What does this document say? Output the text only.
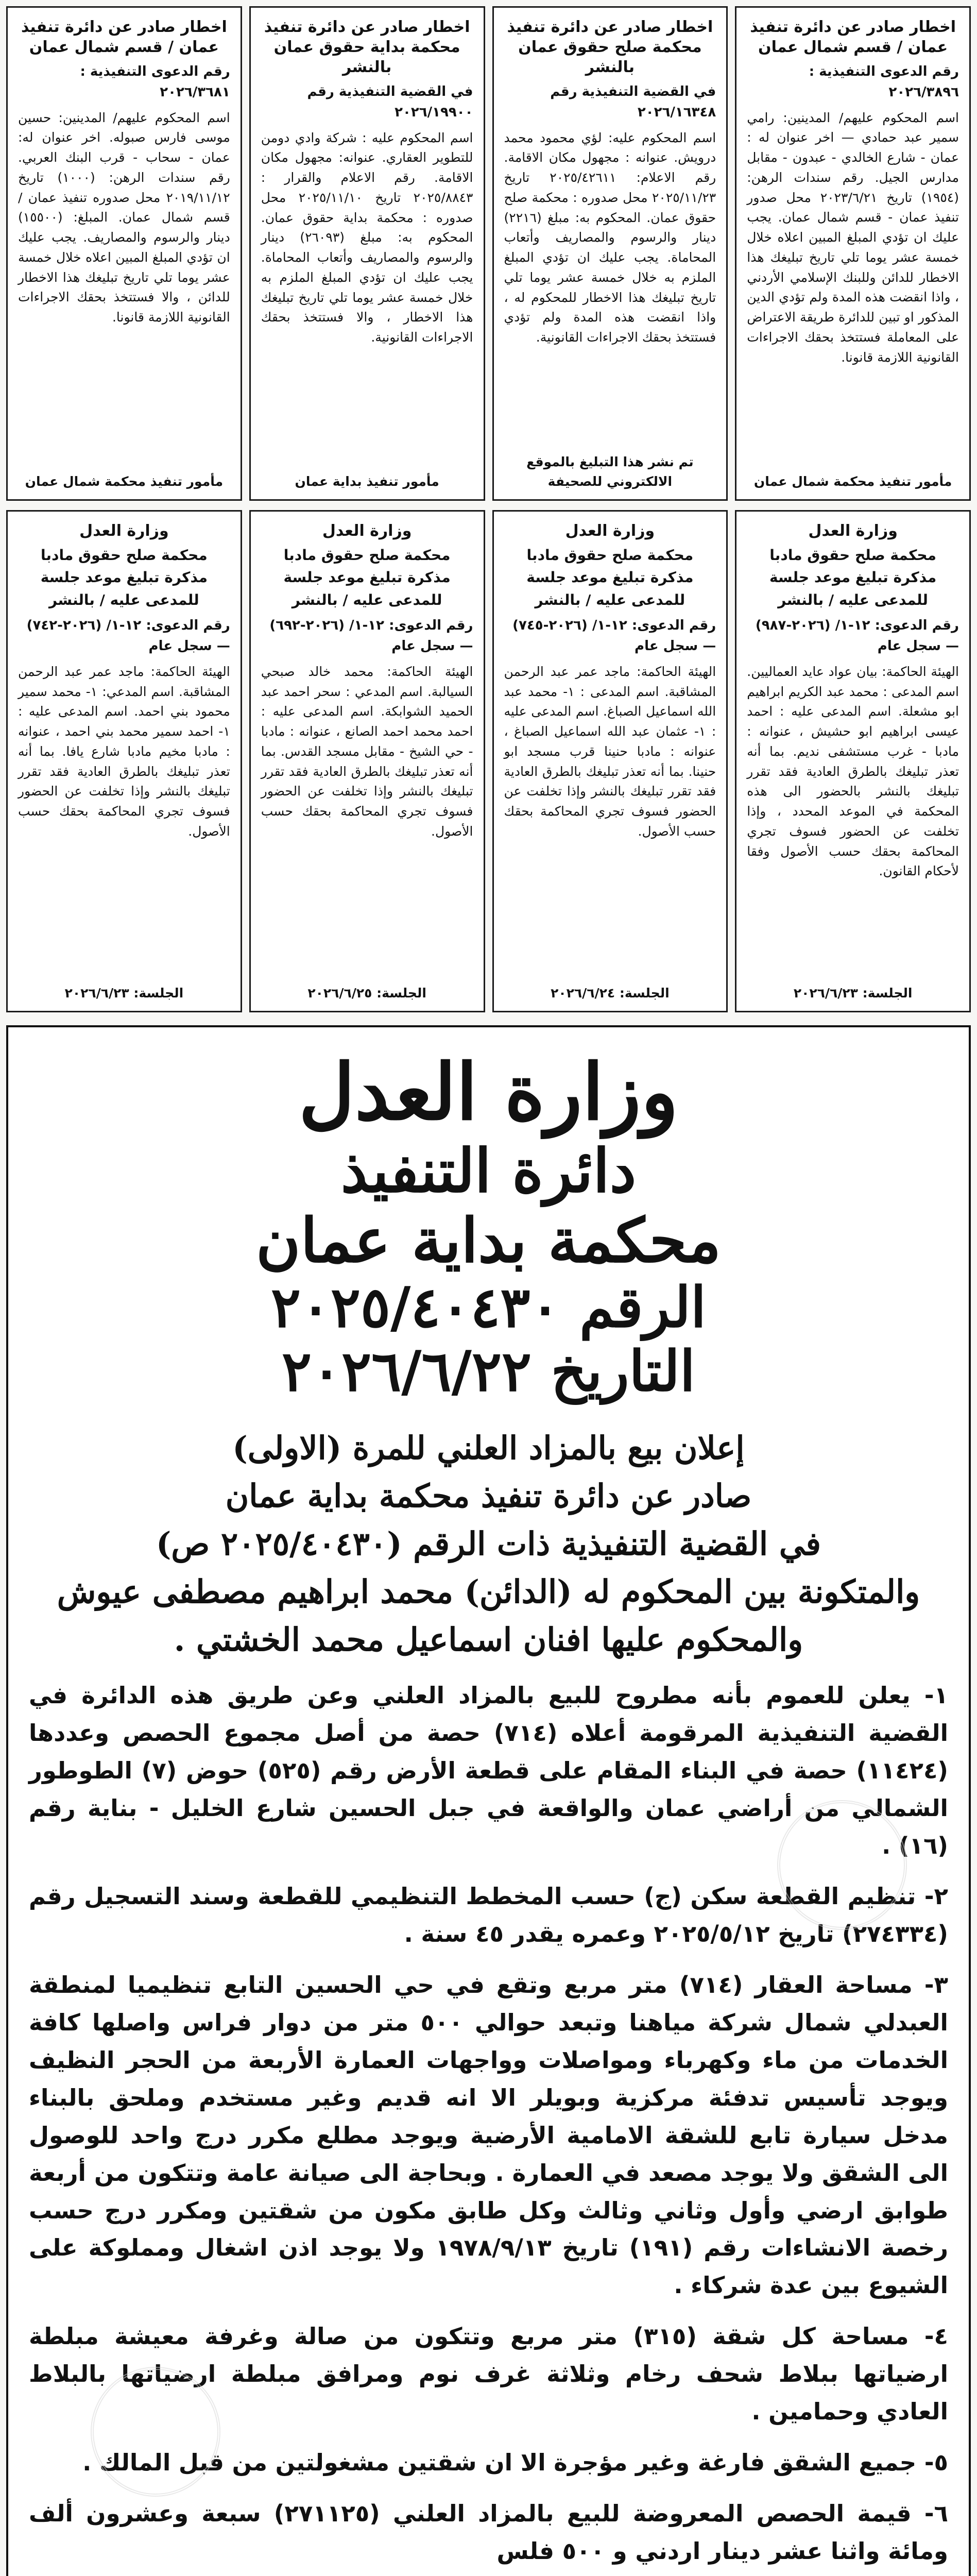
اخطار صادر عن دائرة تنفيذ عمان / قسم شمال عمان
رقم الدعوى التنفيذية : ٢٠٢٦/٣٨٩٦
اسم المحكوم عليهم/ المدينين: رامي سمير عبد حمادي — اخر عنوان له : عمان - شارع الخالدي - عبدون - مقابل مدارس الجيل. رقم سندات الرهن: (١٩٥٤) تاريخ ٢٠٢٣/٦/٢١ محل صدور تنفيذ عمان - قسم شمال عمان. يجب عليك ان تؤدي المبلغ المبين اعلاه خلال خمسة عشر يوما تلي تاريخ تبليغك هذا الاخطار للدائن وللبنك الإسلامي الأردني ، واذا انقضت هذه المدة ولم تؤدي الدين المذكور او تبين للدائرة طريقة الاعتراض على المعاملة فستتخذ بحقك الاجراءات القانونية اللازمة قانونا.
مأمور تنفيذ محكمة شمال عمان
اخطار صادر عن دائرة تنفيذ محكمة صلح حقوق عمان بالنشر
في القضية التنفيذية رقم ٢٠٢٦/١٦٣٤٨
اسم المحكوم عليه: لؤي محمود محمد درويش. عنوانه : مجهول مكان الاقامة. رقم الاعلام: ٢٠٢٥/٤٢٦١١ تاريخ ٢٠٢٥/١١/٢٣ محل صدوره : محكمة صلح حقوق عمان. المحكوم به: مبلغ (٢٢١٦) دينار والرسوم والمصاريف وأتعاب المحاماة. يجب عليك ان تؤدي المبلغ الملزم به خلال خمسة عشر يوما تلي تاريخ تبليغك هذا الاخطار للمحكوم له ، واذا انقضت هذه المدة ولم تؤدي فستتخذ بحقك الاجراءات القانونية.
تم نشر هذا التبليغ بالموقع الالكتروني للصحيفة
اخطار صادر عن دائرة تنفيذ محكمة بداية حقوق عمان بالنشر
في القضية التنفيذية رقم ٢٠٢٦/١٩٩٠٠
اسم المحكوم عليه : شركة وادي دومن للتطوير العقاري. عنوانه: مجهول مكان الاقامة. رقم الاعلام والقرار : ٢٠٢٥/٨٨٤٣ تاريخ ٢٠٢٥/١١/١٠ محل صدوره : محكمة بداية حقوق عمان. المحكوم به: مبلغ (٢٦٠٩٣) دينار والرسوم والمصاريف وأتعاب المحاماة. يجب عليك ان تؤدي المبلغ الملزم به خلال خمسة عشر يوما تلي تاريخ تبليغك هذا الاخطار ، والا فستتخذ بحقك الاجراءات القانونية.
مأمور تنفيذ بداية عمان
اخطار صادر عن دائرة تنفيذ عمان / قسم شمال عمان
رقم الدعوى التنفيذية : ٢٠٢٦/٣٦٨١
اسم المحكوم عليهم/ المدينين: حسين موسى فارس صبوله. اخر عنوان له: عمان - سحاب - قرب البنك العربي. رقم سندات الرهن: (١٠٠٠) تاريخ ٢٠١٩/١١/١٢ محل صدوره تنفيذ عمان / قسم شمال عمان. المبلغ: (١٥٥٠٠) دينار والرسوم والمصاريف. يجب عليك ان تؤدي المبلغ المبين اعلاه خلال خمسة عشر يوما تلي تاريخ تبليغك هذا الاخطار للدائن ، والا فستتخذ بحقك الاجراءات القانونية اللازمة قانونا.
مأمور تنفيذ محكمة شمال عمان
وزارة العدل
محكمة صلح حقوق مادبا مذكرة تبليغ موعد جلسة للمدعى عليه / بالنشر
رقم الدعوى: ١٢-١/ (٢٠٢٦-٩٨٧) — سجل عام
الهيئة الحاكمة: بيان عواد عايد العماليين. اسم المدعى : محمد عبد الكريم ابراهيم ابو مشعلة. اسم المدعى عليه : احمد عيسى ابراهيم ابو حشيش ، عنوانه : مادبا - غرب مستشفى نديم. بما أنه تعذر تبليغك بالطرق العادية فقد تقرر تبليغك بالنشر بالحضور الى هذه المحكمة في الموعد المحدد ، وإذا تخلفت عن الحضور فسوف تجري المحاكمة بحقك حسب الأصول وفقا لأحكام القانون.
الجلسة: ٢٠٢٦/٦/٢٣
وزارة العدل
محكمة صلح حقوق مادبا مذكرة تبليغ موعد جلسة للمدعى عليه / بالنشر
رقم الدعوى: ١٢-١/ (٢٠٢٦-٧٤٥) — سجل عام
الهيئة الحاكمة: ماجد عمر عبد الرحمن المشاقبة. اسم المدعى : ١- محمد عبد الله اسماعيل الصباغ. اسم المدعى عليه : ١- عثمان عبد الله اسماعيل الصباغ ، عنوانه : مادبا حنينا قرب مسجد ابو حنينا. بما أنه تعذر تبليغك بالطرق العادية فقد تقرر تبليغك بالنشر وإذا تخلفت عن الحضور فسوف تجري المحاكمة بحقك حسب الأصول.
الجلسة: ٢٠٢٦/٦/٢٤
وزارة العدل
محكمة صلح حقوق مادبا مذكرة تبليغ موعد جلسة للمدعى عليه / بالنشر
رقم الدعوى: ١٢-١/ (٢٠٢٦-٦٩٢) — سجل عام
الهيئة الحاكمة: محمد خالد صبحي السيالبة. اسم المدعي : سحر احمد عبد الحميد الشوابكة. اسم المدعى عليه : احمد محمد احمد الصانع ، عنوانه : مادبا - حي الشيخ - مقابل مسجد القدس. بما أنه تعذر تبليغك بالطرق العادية فقد تقرر تبليغك بالنشر وإذا تخلفت عن الحضور فسوف تجري المحاكمة بحقك حسب الأصول.
الجلسة: ٢٠٢٦/٦/٢٥
وزارة العدل
محكمة صلح حقوق مادبا مذكرة تبليغ موعد جلسة للمدعى عليه / بالنشر
رقم الدعوى: ١٢-١/ (٢٠٢٦-٧٤٢) — سجل عام
الهيئة الحاكمة: ماجد عمر عبد الرحمن المشاقبة. اسم المدعي: ١- محمد سمير محمود بني احمد. اسم المدعى عليه : ١- احمد سمير محمد بني احمد ، عنوانه : مادبا مخيم مادبا شارع يافا. بما أنه تعذر تبليغك بالطرق العادية فقد تقرر تبليغك بالنشر وإذا تخلفت عن الحضور فسوف تجري المحاكمة بحقك حسب الأصول.
الجلسة: ٢٠٢٦/٦/٢٣
وزارة العدل
دائرة التنفيذ
محكمة بداية عمان
الرقم ٢٠٢٥/٤٠٤٣٠
التاريخ ٢٠٢٦/٦/٢٢
إعلان بيع بالمزاد العلني للمرة (الاولى)
صادر عن دائرة تنفيذ محكمة بداية عمان
في القضية التنفيذية ذات الرقم (٢٠٢٥/٤٠٤٣٠ ص)
والمتكونة بين المحكوم له (الدائن) محمد ابراهيم مصطفى عيوش
والمحكوم عليها افنان اسماعيل محمد الخشتي .
١- يعلن للعموم بأنه مطروح للبيع بالمزاد العلني وعن طريق هذه الدائرة في القضية التنفيذية المرقومة أعلاه (٧١٤) حصة من أصل مجموع الحصص وعددها (١١٤٢٤) حصة في البناء المقام على قطعة الأرض رقم (٥٢٥) حوض (٧) الطوطور الشمالي من أراضي عمان والواقعة في جبل الحسين شارع الخليل - بناية رقم (١٦) .
٢- تنظيم القطعة سكن (ج) حسب المخطط التنظيمي للقطعة وسند التسجيل رقم (٢٧٤٣٣٤) تاريخ ٢٠٢٥/٥/١٢ وعمره يقدر ٤٥ سنة .
٣- مساحة العقار (٧١٤) متر مربع وتقع في حي الحسين التابع تنظيميا لمنطقة العبدلي شمال شركة مياهنا وتبعد حوالي ٥٠٠ متر من دوار فراس واصلها كافة الخدمات من ماء وكهرباء ومواصلات وواجهات العمارة الأربعة من الحجر النظيف ويوجد تأسيس تدفئة مركزية وبويلر الا انه قديم وغير مستخدم وملحق بالبناء مدخل سيارة تابع للشقة الامامية الأرضية ويوجد مطلع مكرر درج واحد للوصول الى الشقق ولا يوجد مصعد في العمارة . وبحاجة الى صيانة عامة وتتكون من أربعة طوابق ارضي وأول وثاني وثالث وكل طابق مكون من شقتين ومكرر درج حسب رخصة الانشاءات رقم (١٩١) تاريخ ١٩٧٨/٩/١٣ ولا يوجد اذن اشغال ومملوكة على الشيوع بين عدة شركاء .
٤- مساحة كل شقة (٣١٥) متر مربع وتتكون من صالة وغرفة معيشة مبلطة ارضياتها ببلاط شحف رخام وثلاثة غرف نوم ومرافق مبلطة ارضياتها بالبلاط العادي وحمامين .
٥- جميع الشقق فارغة وغير مؤجرة الا ان شقتين مشغولتين من قبل المالك .
٦- قيمة الحصص المعروضة للبيع بالمزاد العلني (٢٧١١٢٥) سبعة وعشرون ألف ومائة واثنا عشر دينار اردني و ٥٠٠ فلس
